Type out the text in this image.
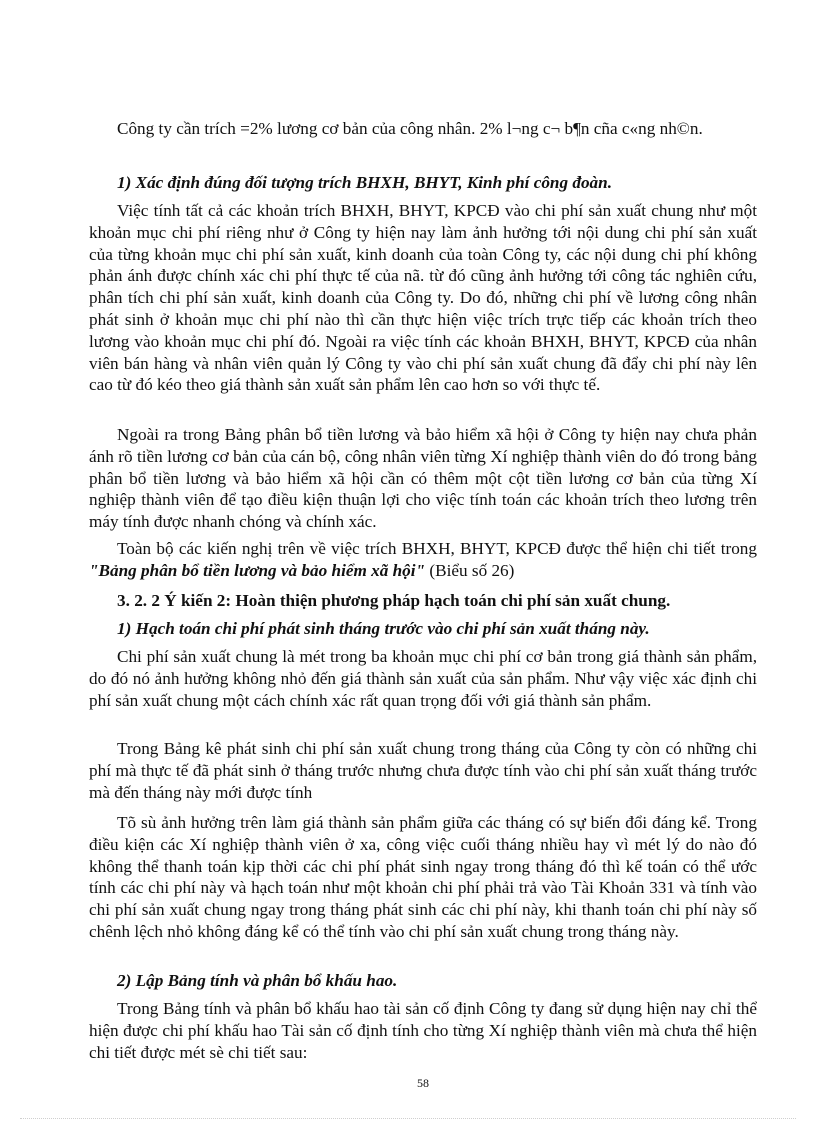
Công ty cần trích =2% lương cơ bản của công nhân. 2% l¬ng c¬ b¶n cña c«ng nh©n.

1) Xác định đúng đối tượng trích BHXH, BHYT, Kinh phí công đoàn.

Việc tính tất cả các khoản trích BHXH, BHYT, KPCĐ vào chi phí sản xuất chung như một khoản mục chi phí riêng như ở Công ty hiện nay làm ảnh hưởng tới nội dung chi phí sản xuất của từng khoản mục chi phí sản xuất, kinh doanh của toàn Công ty, các nội dung chi phí không phản ánh được chính xác chi phí thực tế của nã. từ đó cũng ảnh hưởng tới công tác nghiên cứu, phân tích chi phí sản xuất, kinh doanh của Công ty. Do đó, những chi phí về lương công nhân phát sinh ở khoản mục chi phí nào thì cần thực hiện việc trích trực tiếp các khoản trích theo lương vào khoản mục chi phí đó. Ngoài ra việc tính các khoản BHXH, BHYT, KPCĐ của nhân viên bán hàng và nhân viên quản lý Công ty vào chi phí sản xuất chung đã đẩy chi phí này lên cao từ đó kéo theo giá thành sản xuất sản phẩm lên cao hơn so với thực tế.

Ngoài ra trong Bảng phân bổ tiền lương và bảo hiểm xã hội ở Công ty hiện nay chưa phản ánh rõ tiền lương cơ bản của cán bộ, công nhân viên từng Xí nghiệp thành viên do đó trong bảng phân bổ tiền lương và bảo hiểm xã hội cần có thêm một cột tiền lương cơ bản của từng Xí nghiệp thành viên để tạo điều kiện thuận lợi cho việc tính toán các khoản trích theo lương trên máy tính được nhanh chóng và chính xác.

Toàn bộ các kiến nghị trên về việc trích BHXH, BHYT, KPCĐ được thể hiện chi tiết trong "Bảng phân bổ tiền lương và bảo hiểm xã hội" (Biểu số 26)

3. 2. 2 Ý kiến 2: Hoàn thiện phương pháp hạch toán chi phí sản xuất chung.

1) Hạch toán chi phí phát sinh tháng trước vào chi phí sản xuất tháng này.

Chi phí sản xuất chung là mét trong ba khoản mục chi phí cơ bản trong giá thành sản phẩm, do đó nó ảnh hưởng không nhỏ đến giá thành sản xuất của sản phẩm. Như vậy việc xác định chi phí sản xuất chung một cách chính xác rất quan trọng đối với giá thành sản phẩm.

Trong Bảng kê phát sinh chi phí sản xuất chung trong tháng của Công ty còn có những chi phí mà thực tế đã phát sinh ở tháng trước nhưng chưa được tính vào chi phí sản xuất tháng trước mà đến tháng này mới được tính

Tõ sù ảnh hưởng trên làm giá thành sản phẩm giữa các tháng có sự biến đổi đáng kể. Trong điều kiện các Xí nghiệp thành viên ở xa, công việc cuối tháng nhiều hay vì mét lý do nào đó không thể thanh toán kịp thời các chi phí phát sinh ngay trong tháng đó thì kế toán có thể ước tính các chi phí này và hạch toán như một khoản chi phí phải trả vào Tài Khoản 331 và tính vào chi phí sản xuất chung ngay trong tháng phát sinh các chi phí này, khi thanh toán chi phí này số chênh lệch nhỏ không đáng kể có thể tính vào chi phí sản xuất chung trong tháng này.

2) Lập Bảng tính và phân bổ khấu hao.

Trong Bảng tính và phân bổ khấu hao tài sản cố định Công ty đang sử dụng hiện nay chỉ thể hiện được chi phí khấu hao Tài sản cố định tính cho từng Xí nghiệp thành viên mà chưa thể hiện chi tiết được mét sè chi tiết sau:

58
